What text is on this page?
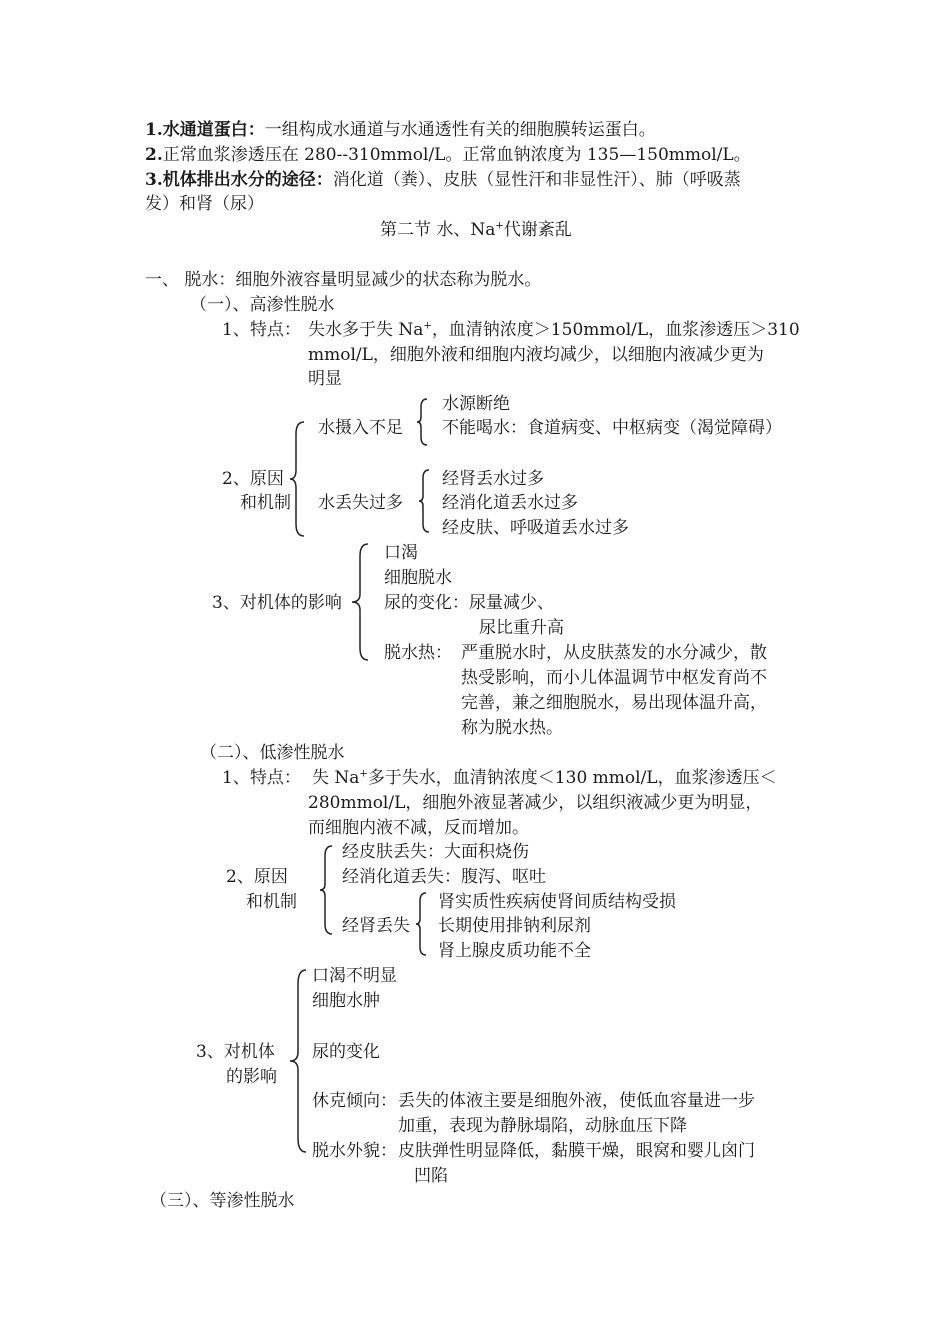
1.水通道蛋白：一组构成水通道与水通透性有关的细胞膜转运蛋白。
2.正常血浆渗透压在 280--310mmol/L。正常血钠浓度为 135—150mmol/L。
3.机体排出水分的途径：消化道（粪）、皮肤（显性汗和非显性汗）、肺（呼吸蒸
发）和肾（尿）
第二节 水、Na+代谢紊乱
一、 脱水：细胞外液容量明显减少的状态称为脱水。
（一）、高渗性脱水
1、特点： 失水多于失 Na+，血清钠浓度＞150mmol/L，血浆渗透压＞310
mmol/L，细胞外液和细胞内液均减少，以细胞内液减少更为
明显
2、原因
和机制
水摄入不足
水源断绝
不能喝水：食道病变、中枢病变（渴觉障碍）
水丢失过多
经肾丢水过多
经消化道丢水过多
经皮肤、呼吸道丢水过多
3、对机体的影响
口渴
细胞脱水
尿的变化：尿量减少、
尿比重升高
脱水热： 严重脱水时，从皮肤蒸发的水分减少，散
热受影响，而小儿体温调节中枢发育尚不
完善，兼之细胞脱水，易出现体温升高，
称为脱水热。
（二）、低渗性脱水
1、特点： 失 Na+多于失水，血清钠浓度＜130 mmol/L，血浆渗透压＜
280mmol/L，细胞外液显著减少，以组织液减少更为明显，
而细胞内液不减，反而增加。
2、原因
和机制
经皮肤丢失：大面积烧伤
经消化道丢失：腹泻、呕吐
经肾丢失
肾实质性疾病使肾间质结构受损
长期使用排钠利尿剂
肾上腺皮质功能不全
3、对机体
的影响
口渴不明显
细胞水肿
尿的变化
休克倾向： 丢失的体液主要是细胞外液，使低血容量进一步
加重，表现为静脉塌陷，动脉血压下降
脱水外貌： 皮肤弹性明显降低，黏膜干燥，眼窝和婴儿囟门
凹陷
（三）、等渗性脱水
